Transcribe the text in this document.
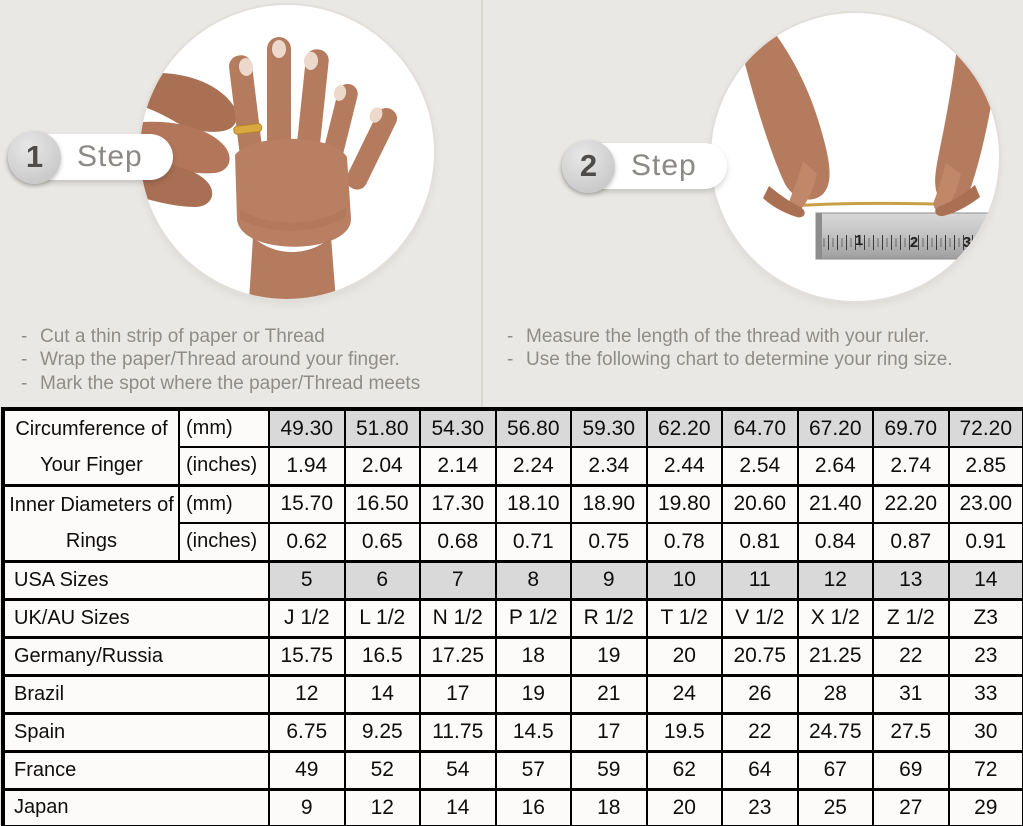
1	2	3
1	Step	2	Step
- Cut a thin strip of paper or Thread
- Wrap the paper/Thread around your finger.
- Mark the spot where the paper/Thread meets
- Measure the length of the thread with your ruler.
- Use the following chart to determine your ring size.
Circumference of Your Finger	(mm)	49.30	51.80	54.30	56.80	59.30	62.20	64.70	67.20	69.70	72.20
	(inches)	1.94	2.04	2.14	2.24	2.34	2.44	2.54	2.64	2.74	2.85
Inner Diameters of Rings	(mm)	15.70	16.50	17.30	18.10	18.90	19.80	20.60	21.40	22.20	23.00
	(inches)	0.62	0.65	0.68	0.71	0.75	0.78	0.81	0.84	0.87	0.91
USA Sizes		5	6	7	8	9	10	11	12	13	14
UK/AU Sizes		J 1/2	L 1/2	N 1/2	P 1/2	R 1/2	T 1/2	V 1/2	X 1/2	Z 1/2	Z3
Germany/Russia		15.75	16.5	17.25	18	19	20	20.75	21.25	22	23
Brazil		12	14	17	19	21	24	26	28	31	33
Spain		6.75	9.25	11.75	14.5	17	19.5	22	24.75	27.5	30
France		49	52	54	57	59	62	64	67	69	72
Japan		9	12	14	16	18	20	23	25	27	29
